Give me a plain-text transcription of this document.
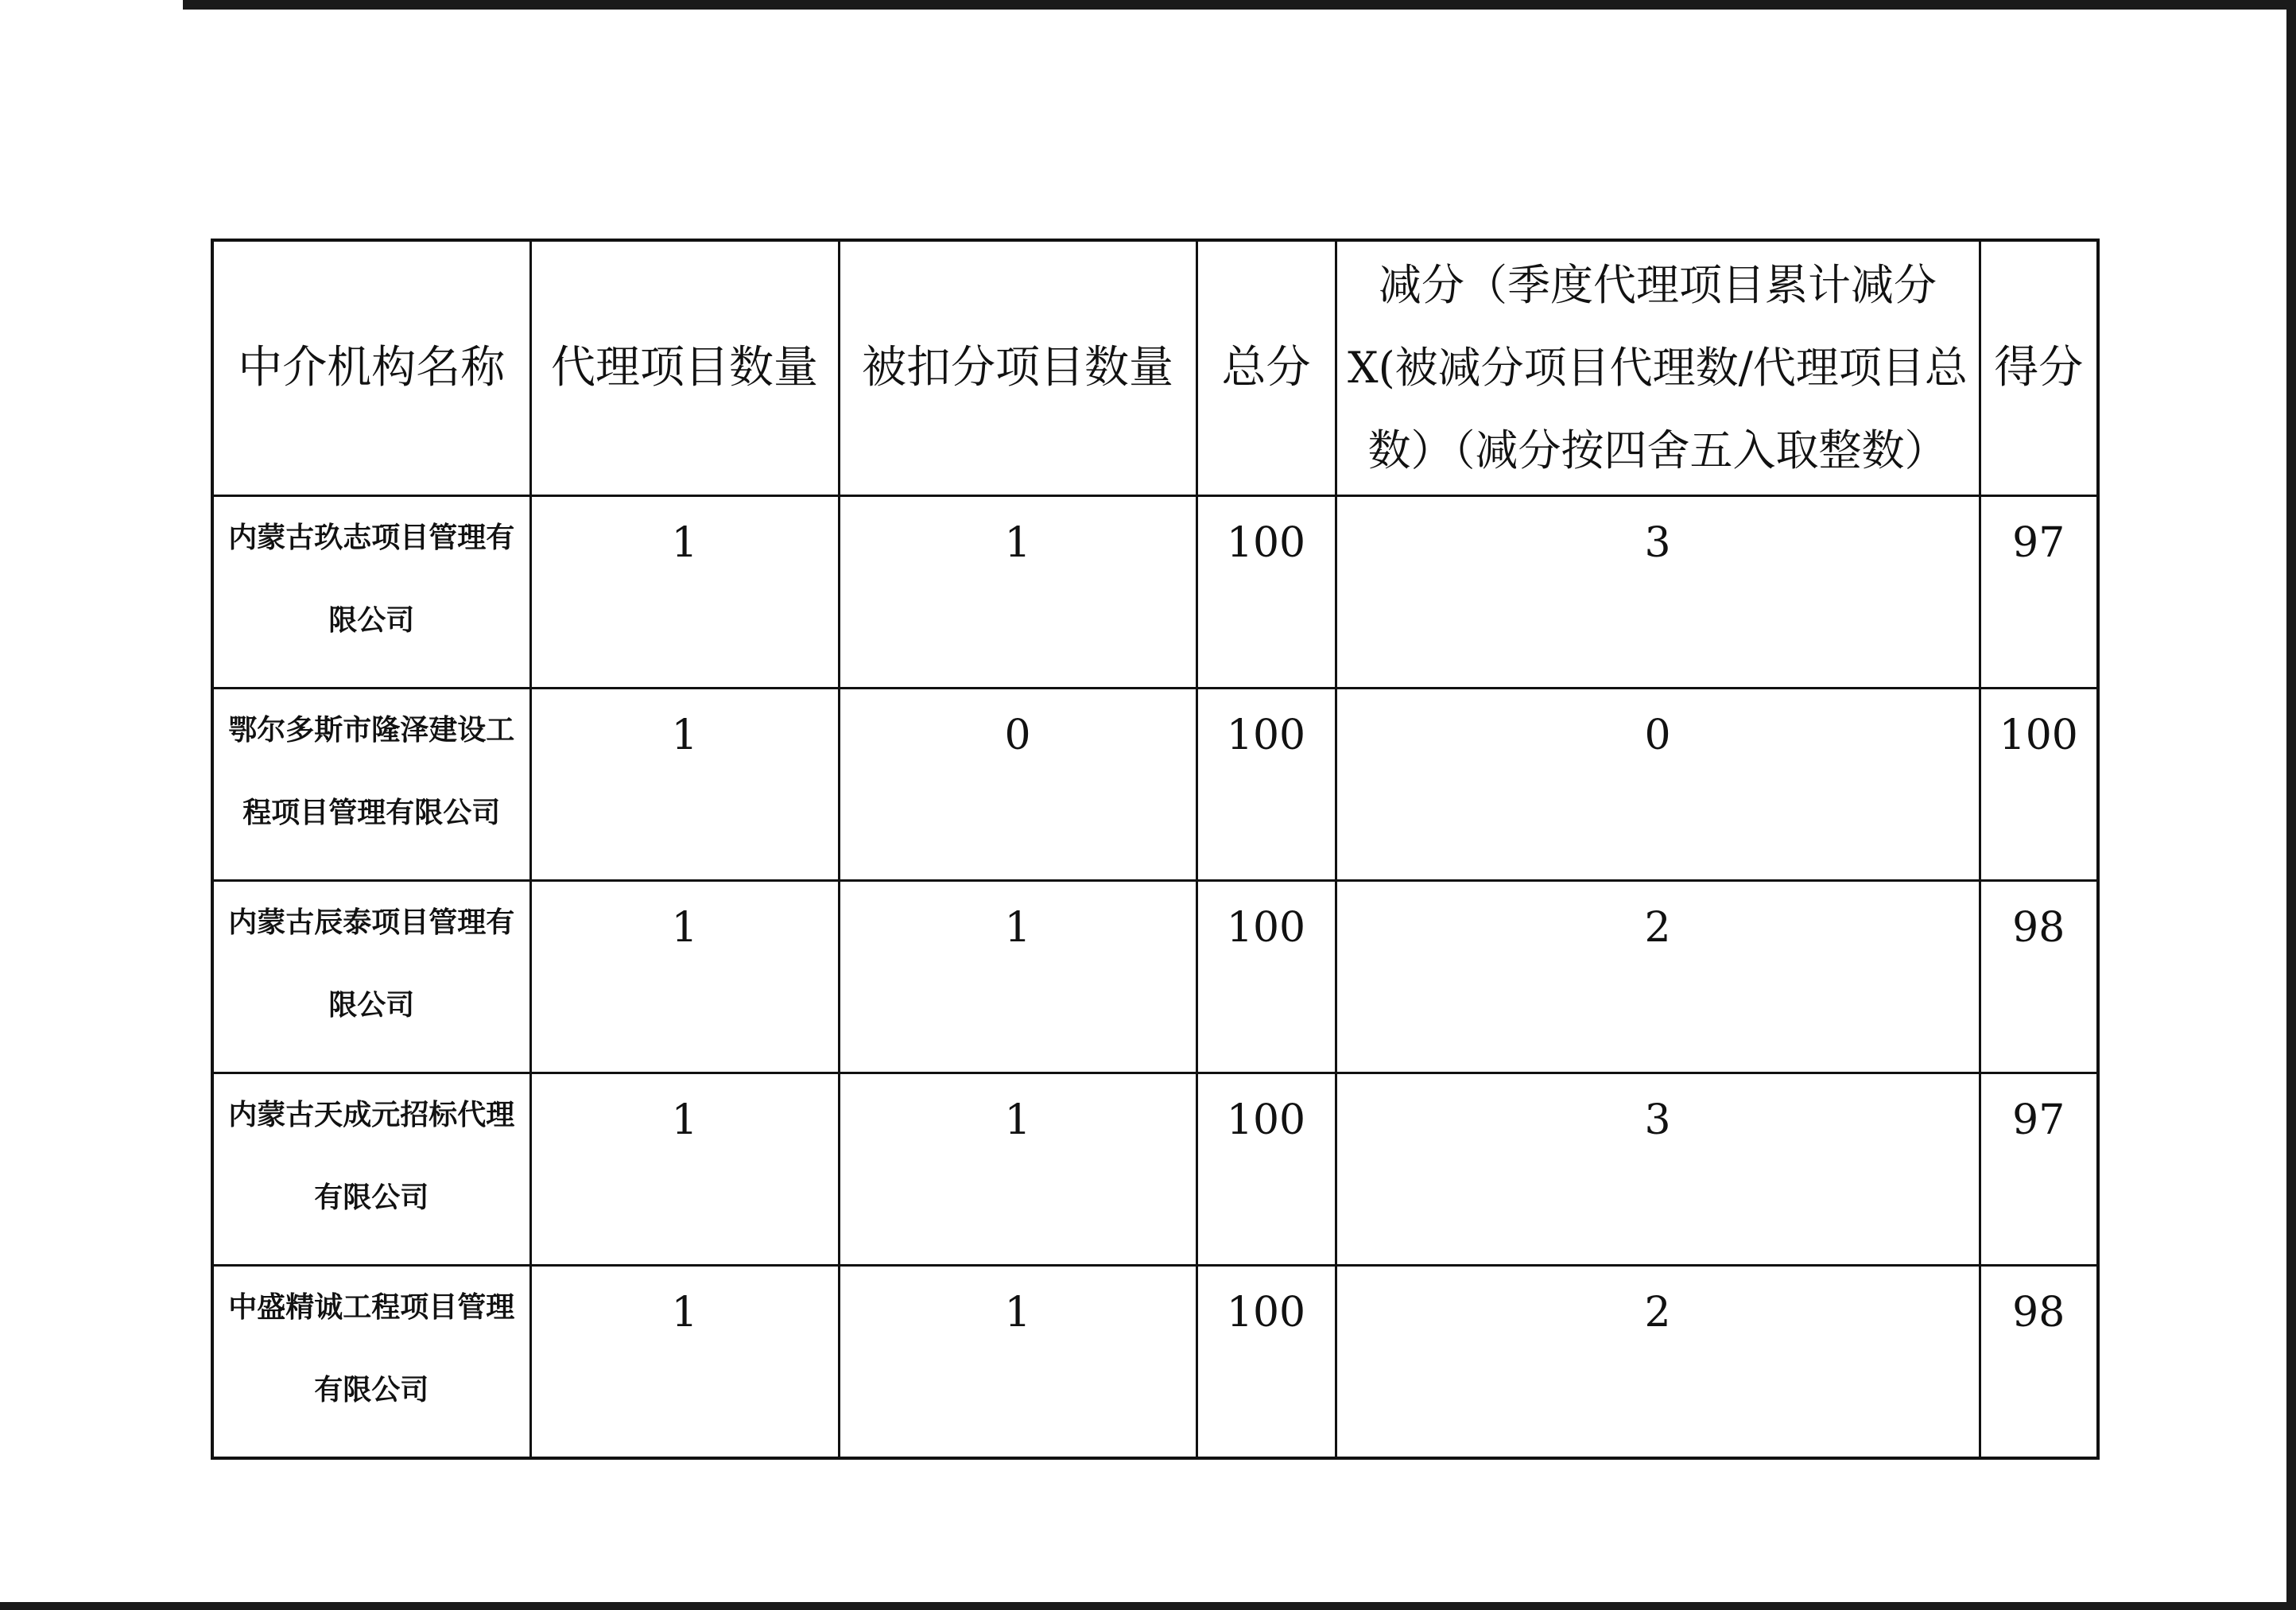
中介机构名称	代理项目数量	被扣分项目数量	总分	减分（季度代理项目累计减分X(被减分项目代理数/代理项目总数）（减分按四舍五入取整数）	得分
内蒙古玖志项目管理有限公司	1	1	100	3	97
鄂尔多斯市隆泽建设工程项目管理有限公司	1	0	100	0	100
内蒙古辰泰项目管理有限公司	1	1	100	2	98
内蒙古天成元招标代理有限公司	1	1	100	3	97
中盛精诚工程项目管理有限公司	1	1	100	2	98
